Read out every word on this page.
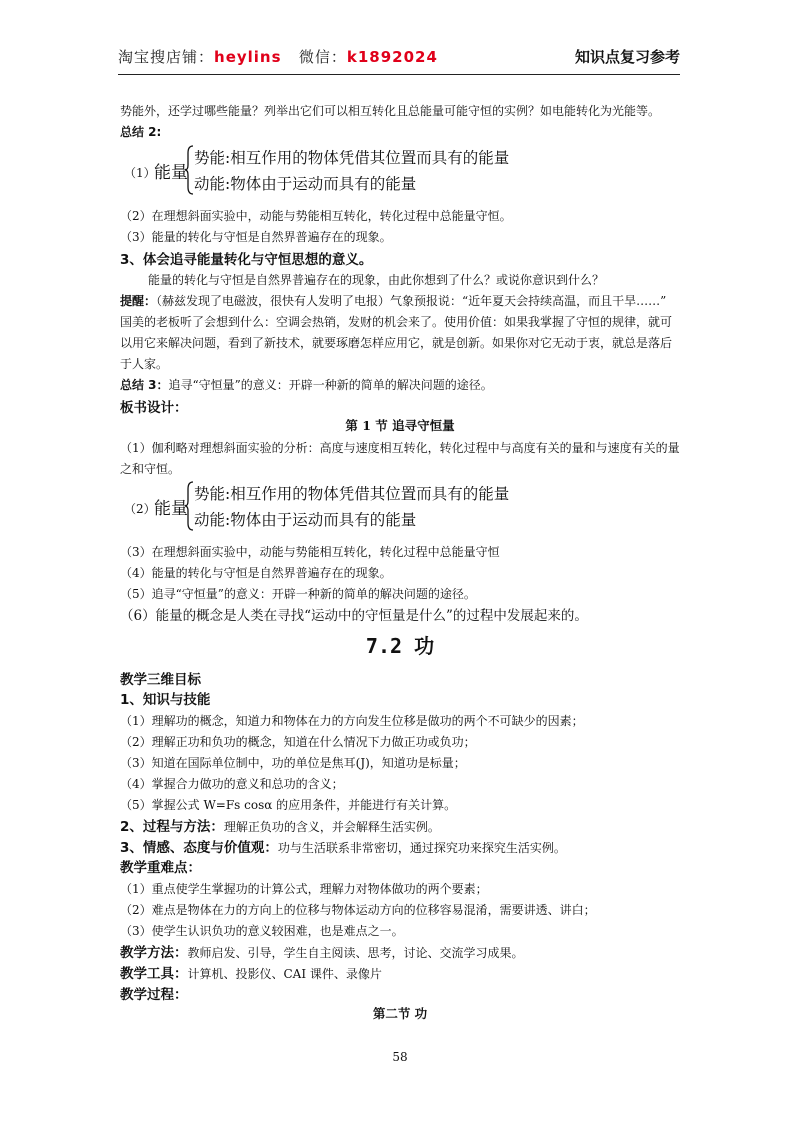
淘宝搜店铺：heylins 微信：k1892024	知识点复习参考
势能外，还学过哪些能量？列举出它们可以相互转化且总能量可能守恒的实例？如电能转化为光能等。
总结 2:
（1）
能量
势能:相互作用的物体凭借其位置而具有的能量
动能:物体由于运动而具有的能量
（2）在理想斜面实验中，动能与势能相互转化，转化过程中总能量守恒。
（3）能量的转化与守恒是自然界普遍存在的现象。
3、体会追寻能量转化与守恒思想的意义。
能量的转化与守恒是自然界普遍存在的现象，由此你想到了什么？或说你意识到什么？
提醒：（赫兹发现了电磁波，很快有人发明了电报）气象预报说：“近年夏天会持续高温，而且干旱……”
国美的老板听了会想到什么：空调会热销，发财的机会来了。使用价值：如果我掌握了守恒的规律，就可
以用它来解决问题，看到了新技术，就要琢磨怎样应用它，就是创新。如果你对它无动于衷，就总是落后
于人家。
总结 3：追寻“守恒量”的意义：开辟一种新的简单的解决问题的途径。
板书设计：
第 1 节 追寻守恒量
（1）伽利略对理想斜面实验的分析：高度与速度相互转化，转化过程中与高度有关的量和与速度有关的量
之和守恒。
（2）
能量
势能:相互作用的物体凭借其位置而具有的能量
动能:物体由于运动而具有的能量
（3）在理想斜面实验中，动能与势能相互转化，转化过程中总能量守恒
（4）能量的转化与守恒是自然界普遍存在的现象。
（5）追寻“守恒量”的意义：开辟一种新的简单的解决问题的途径。
（6）能量的概念是人类在寻找“运动中的守恒量是什么”的过程中发展起来的。
7.2 功
教学三维目标
1、知识与技能
（1）理解功的概念，知道力和物体在力的方向发生位移是做功的两个不可缺少的因素；
（2）理解正功和负功的概念，知道在什么情况下力做正功或负功；
（3）知道在国际单位制中，功的单位是焦耳(J)，知道功是标量；
（4）掌握合力做功的意义和总功的含义；
（5）掌握公式 W=Fs cosα 的应用条件，并能进行有关计算。
2、过程与方法：理解正负功的含义，并会解释生活实例。
3、情感、态度与价值观：功与生活联系非常密切，通过探究功来探究生活实例。
教学重难点：
（1）重点使学生掌握功的计算公式，理解力对物体做功的两个要素；
（2）难点是物体在力的方向上的位移与物体运动方向的位移容易混淆，需要讲透、讲白；
（3）使学生认识负功的意义较困难，也是难点之一。
教学方法：教师启发、引导，学生自主阅读、思考，讨论、交流学习成果。
教学工具：计算机、投影仪、CAI 课件、录像片
教学过程：
第二节 功
58
